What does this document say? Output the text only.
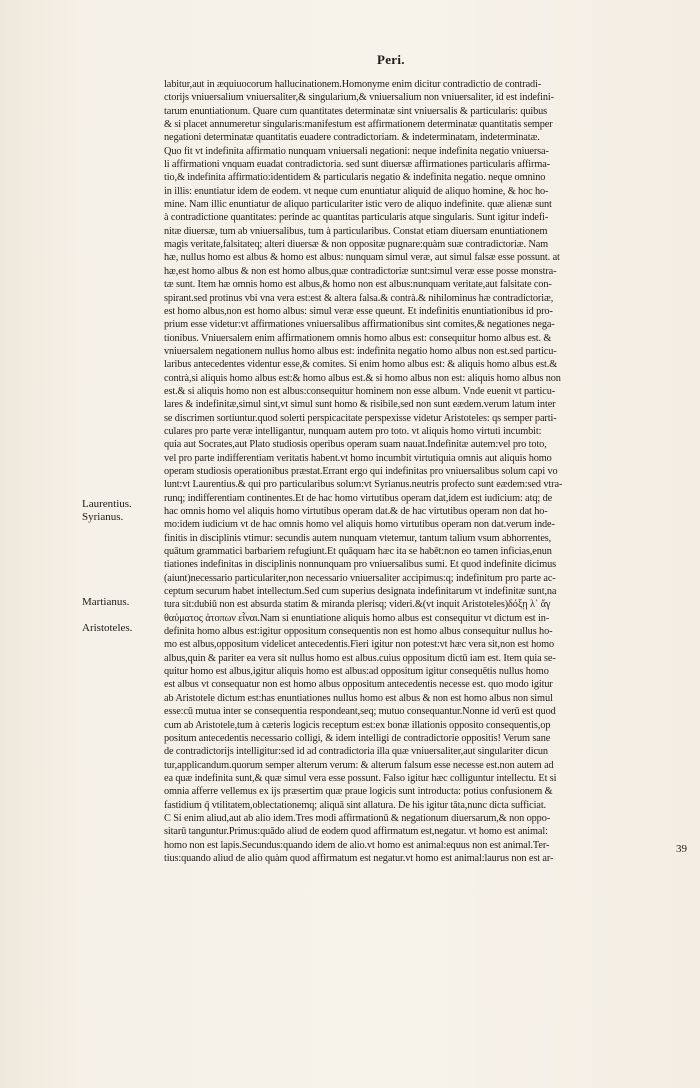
Peri.
Laurentius.
Syrianus.
Martianus.
Aristoteles.
39
labitur,aut in æquiuocorum hallucinationem.Homonyme enim dicitur contradictio de contradi-
ctorijs vniuersalium vniuersaliter,& singularium,& vniuersalium non vniuersaliter, id est indefini-
tarum enuntiationum. Quare cum quantitates determinatæ sint vniuersalis & particularis: quibus
& si placet annumeretur singularis:manifestum est affirmationem determinatæ quantitatis semper
negationi determinatæ quantitatis euadere contradictoriam. & indeterminatam, indeterminatæ.
Quo fit vt indefinita affirmatio nunquam vniuersali negationi: neque indefinita negatio vniuersa-
li affirmationi vnquam euadat contradictoria. sed sunt diuersæ affirmationes particularis affirma-
tio,& indefinita affirmatio:identidem & particularis negatio & indefinita negatio. neque omnino
in illis: enuntiatur idem de eodem. vt neque cum enuntiatur aliquid de aliquo homine, & hoc ho-
mine. Nam illic enuntiatur de aliquo particulariter istic vero de aliquo indefinite. quæ alienæ sunt
à contradictione quantitates: perinde ac quantitas particularis atque singularis. Sunt igitur indefi-
nitæ diuersæ, tum ab vniuersalibus, tum à particularibus. Constat etiam diuersam enuntiationem
magis veritate,falsitateq; alteri diuersæ & non oppositæ pugnare:quàm suæ contradictoriæ. Nam
hæ, nullus homo est albus & homo est albus: nunquam simul veræ, aut simul falsæ esse possunt. at
hæ,est homo albus & non est homo albus,quæ contradictoriæ sunt:simul veræ esse posse monstra-
tæ sunt. Item hæ omnis homo est albus,& homo non est albus:nunquam veritate,aut falsitate con-
spirant.sed protinus vbi vna vera est:est & altera falsa.& contrà.& nihilominus hæ contradictoriæ,
est homo albus,non est homo albus: simul veræ esse queunt. Et indefinitis enuntiationibus id pro-
prium esse videtur:vt affirmationes vniuersalibus affirmationibus sint comites,& negationes nega-
tionibus. Vniuersalem enim affirmationem omnis homo albus est: consequitur homo albus est. &
vniuersalem negationem nullus homo albus est: indefinita negatio homo albus non est.sed particu-
laribus antecedentes videntur esse,& comites. Si enim homo albus est: & aliquis homo albus est.&
contrà,si aliquis homo albus est:& homo albus est.& si homo albus non est: aliquis homo albus non
est.& si aliquis homo non est albus:consequitur hominem non esse album. Vnde euenit vt particu-
lares & indefinitæ,simul sint,vt simul sunt homo & risibile,sed non sunt eædem.verum latum inter
se discrimen sortiuntur.quod solerti perspicacitate perspexisse videtur Aristoteles: qs semper parti-
culares pro parte veræ intelligantur, nunquam autem pro toto. vt aliquis homo virtuti incumbit:
quia aut Socrates,aut Plato studiosis operibus operam suam nauat.Indefinitæ autem:vel pro toto,
vel pro parte indifferentiam veritatis habent.vt homo incumbit virtutiquia omnis aut aliquis homo
operam studiosis operationibus præstat.Errant ergo qui indefinitas pro vniuersalibus solum capi vo
lunt:vt Laurentius.& qui pro particularibus solum:vt Syrianus.neutris profecto sunt eædem:sed vtra-
runq; indifferentiam continentes.Et de hac homo virtutibus operam dat,idem est iudicium: atq; de
hac omnis homo vel aliquis homo virtutibus operam dat.& de hac virtutibus operam non dat ho-
mo:idem iudicium vt de hac omnis homo vel aliquis homo virtutibus operam non dat.verum inde-
finitis in disciplinis vtimur: secundis autem nunquam vtetemur, tantum talium vsum abhorrentes,
quātum grammatici barbariem refugiunt.Et quāquam hæc ita se habēt:non eo tamen inficias,enun
tiationes indefinitas in disciplinis nonnunquam pro vniuersalibus sumi. Et quod indefinite dicimus
(aiunt)necessario particulariter,non necessario vniuersaliter accipimus:q; indefinitum pro parte ac-
ceptum securum habet intellectum.Sed cum superius designata indefinitarum vt indefinitæ sunt,na
tura sit:dubiū non est absurda statim & miranda plerisq; videri.&(vt inquit Aristoteles)δόξῃ λ᾽ ἄγ
θαύματος ἀτοπων εἶναι.Nam si enuntiatione aliquis homo albus est consequitur vt dictum est in-
definita homo albus est:igitur oppositum consequentis non est homo albus consequitur nullus ho-
mo est albus,oppositum videlicet antecedentis.Fieri igitur non potest:vt hæc vera sit,non est homo
albus,quin & pariter ea vera sit nullus homo est albus.cuius oppositum dictū iam est. Item quia se-
quitur homo est albus,igitur aliquis homo est albus:ad oppositum igitur consequētis nullus homo
est albus vt consequatur non est homo albus oppositum antecedentis necesse est. quo modo igitur
ab Aristotele dictum est:has enuntiationes nullus homo est albus & non est homo albus non simul
esse:cū mutua inter se consequentia respondeant,seq; mutuo consequantur.Nonne id verū est quod
cum ab Aristotele,tum à cæteris logicis receptum est:ex bonæ illationis opposito consequentis,op
positum antecedentis necessario colligi, & idem intelligi de contradictorie oppositis! Verum sane
de contradictorijs intelligitur:sed id ad contradictoria illa quæ vniuersaliter,aut singulariter dicun
tur,applicandum.quorum semper alterum verum: & alterum falsum esse necesse est.non autem ad
ea quæ indefinita sunt,& quæ simul vera esse possunt. Falso igitur hæc colliguntur intellectu. Et si
omnia afferre vellemus ex ijs præsertim quæ praue logicis sunt introducta: potius confusionem &
fastidium q̄ vtilitatem,oblectationemq; aliquā sint allatura. De his igitur tāta,nunc dicta sufficiat.
C Si enim aliud,aut ab alio idem.Tres modi affirmationū & negationum diuersarum,& non oppo-
sitarū tanguntur.Primus:quādo aliud de eodem quod affirmatum est,negatur. vt homo est animal:
homo non est lapis.Secundus:quando idem de alio.vt homo est animal:equus non est animal.Ter-
tius:quando aliud de alio quàm quod affirmatum est negatur.vt homo est animal:laurus non est ar-
